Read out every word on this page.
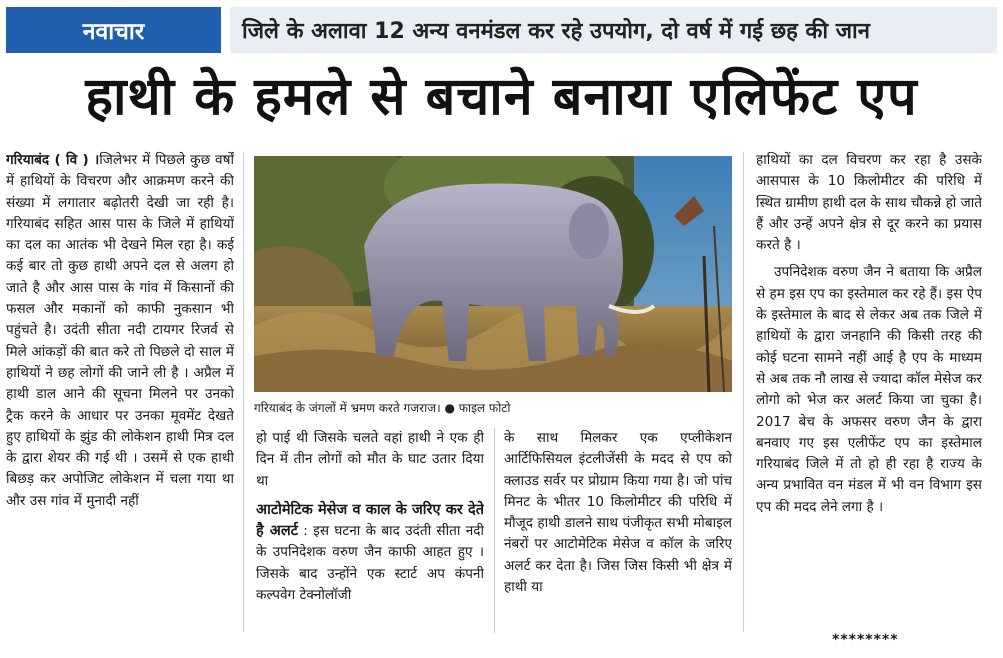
नवाचार	जिले के अलावा 12 अन्य वनमंडल कर रहे उपयोग, दो वर्ष में गई छह की जान
हाथी के हमले से बचाने बनाया एलिफेंट एप

गरियाबंद ( वि ) ।जिलेभर में पिछले कुछ वर्षों में हाथियों के विचरण और आक्रमण करने की संख्या में लगातार बढ़ोतरी देखी जा रही है। गरियाबंद सहित आस पास के जिले में हाथियों का दल का आतंक भी देखने मिल रहा है। कई कई बार तो कुछ हाथी अपने दल से अलग हो जाते है और आस पास के गांव में किसानों की फसल और मकानों को काफी नुकसान भी पहुंचते है। उदंती सीता नदी टायगर रिजर्व से मिले आंकड़ों की बात करे तो पिछले दो साल में हाथियों ने छह लोगों की जाने ली है । अप्रैल में हाथी डाल आने की सूचना मिलने पर उनको ट्रैक करने के आधार पर उनका मूवमेंट देखते हुए हाथियों के झुंड की लोकेशन हाथी मित्र दल के द्वारा शेयर की गई थी । उसमें से एक हाथी बिछड़ कर अपोजिट लोकेशन में चला गया था और उस गांव में मुनादी नहीं

गरियाबंद के जंगलों में भ्रमण करते गजराज। ● फाइल फोटो

हो पाई थी जिसके चलते वहां हाथी ने एक ही दिन में तीन लोगों को मौत के घाट उतार दिया था

आटोमेटिक मेसेज व काल के जरिए कर देते है अलर्ट : इस घटना के बाद उदंती सीता नदी के उपनिदेशक वरुण जैन काफी आहत हुए । जिसके बाद उन्होंने एक स्टार्ट अप कंपनी कल्पवेग टेक्नोलॉजी

के साथ मिलकर एक एप्लीकेशन आर्टिफिसियल इंटलीजेंसी के मदद से एप को क्लाउड सर्वर पर प्रोग्राम किया गया है। जो पांच मिनट के भीतर 10 किलोमीटर की परिधि में मौजूद हाथी डालने साथ पंजीकृत सभी मोबाइल नंबरों पर आटोमेटिक मेसेज व कॉल के जरिए अलर्ट कर देता है। जिस जिस किसी भी क्षेत्र में हाथी या

हाथियों का दल विचरण कर रहा है उसके आसपास के 10 किलोमीटर की परिधि में स्थित ग्रामीण हाथी दल के साथ चौकन्ने हो जाते हैं और उन्हें अपने क्षेत्र से दूर करने का प्रयास करते है ।

उपनिदेशक वरुण जैन ने बताया कि अप्रैल से हम इस एप का इस्तेमाल कर रहे हैं। इस ऐप के इस्तेमाल के बाद से लेकर अब तक जिले में हाथियों के द्वारा जनहानि की किसी तरह की कोई घटना सामने नहीं आई है एप के माध्यम से अब तक नौ लाख से ज्यादा कॉल मेसेज कर लोगो को भेज कर अलर्ट किया जा चुका है। 2017 बेच के अफसर वरुण जैन के द्वारा बनवाए गए इस एलीफेंट एप का इस्तेमाल गरियाबंद जिले में तो हो ही रहा है राज्य के अन्य प्रभावित वन मंडल में भी वन विभाग इस एप की मदद लेने लगा है ।

********
